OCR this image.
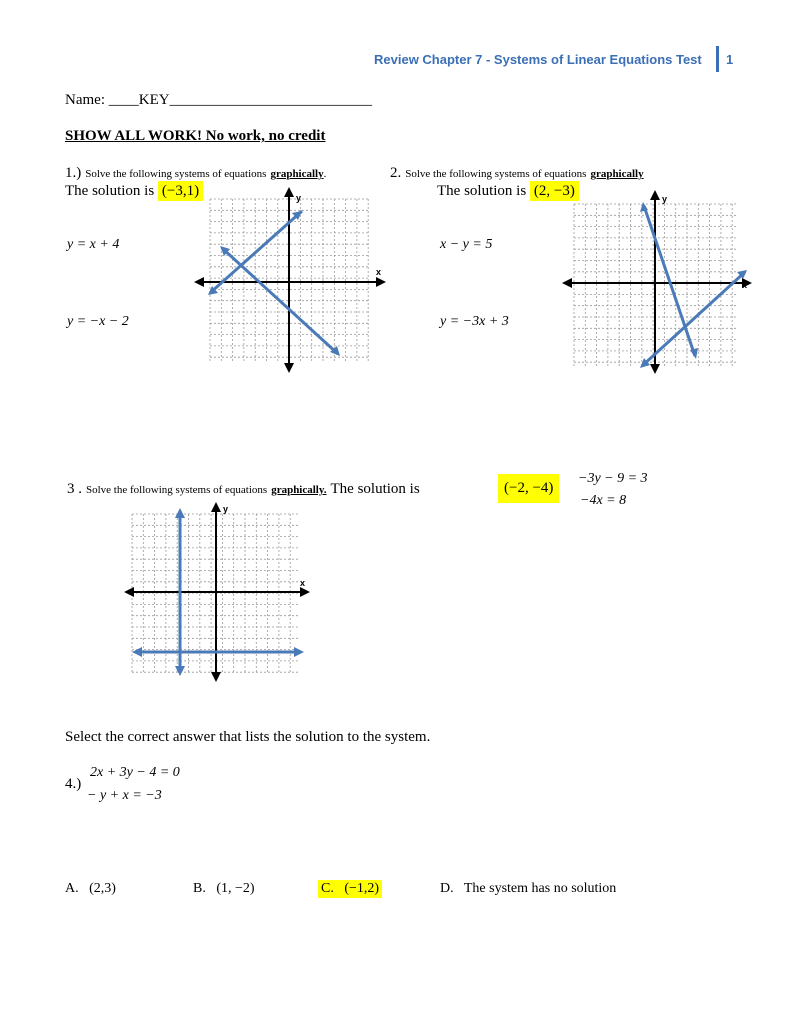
Review Chapter 7 - Systems of Linear Equations Test 1
Name: ____KEY___________________________
SHOW ALL WORK! No work, no credit
1.) Solve the following systems of equations graphically.
The solution is (−3,1)
y = x + 4
y = −x − 2
2. Solve the following systems of equations graphically
The solution is (2, −3)
x − y = 5
y = −3x + 3
3 . Solve the following systems of equations graphically. The solution is	(−2, −4)
−3y − 9 = 3
−4x = 8
y
x
y
x
y
x
Select the correct answer that lists the solution to the system.
4.)
2x + 3y − 4 = 0
− y + x = −3
A. (2,3)	B. (1, −2)	C. (−1,2)	D. The system has no solution
